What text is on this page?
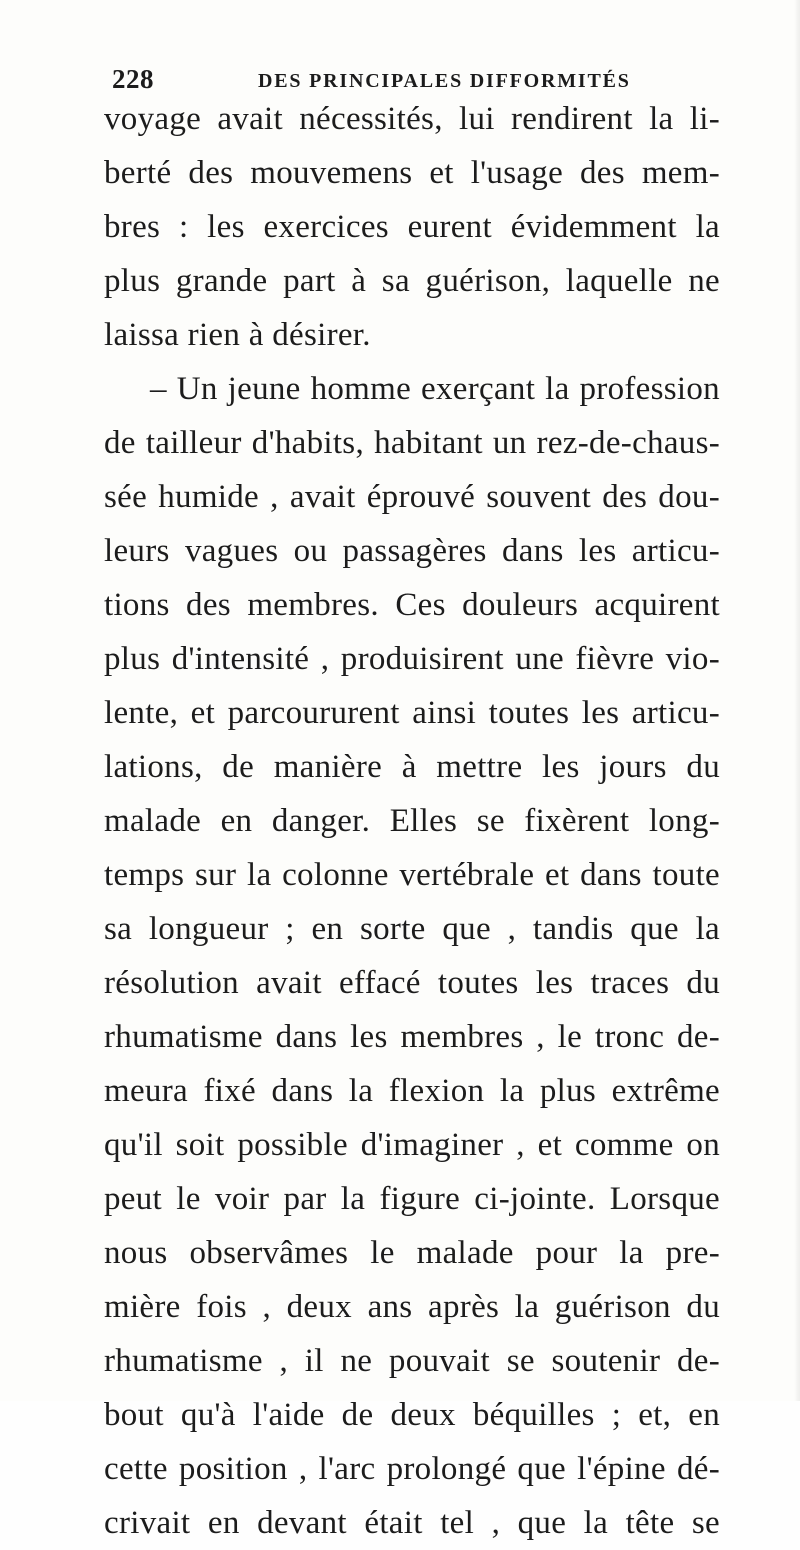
228	DES PRINCIPALES DIFFORMITÉS
voyage avait nécessités, lui rendirent la li-
berté des mouvemens et l'usage des mem-
bres : les exercices eurent évidemment la
plus grande part à sa guérison, laquelle ne
laissa rien à désirer.
– Un jeune homme exerçant la profession
de tailleur d'habits, habitant un rez-de-chaus-
sée humide , avait éprouvé souvent des dou-
leurs vagues ou passagères dans les articu-
tions des membres. Ces douleurs acquirent
plus d'intensité , produisirent une fièvre vio-
lente, et parcoururent ainsi toutes les articu-
lations, de manière à mettre les jours du
malade en danger. Elles se fixèrent long-
temps sur la colonne vertébrale et dans toute
sa longueur ; en sorte que , tandis que la
résolution avait effacé toutes les traces du
rhumatisme dans les membres , le tronc de-
meura fixé dans la flexion la plus extrême
qu'il soit possible d'imaginer , et comme on
peut le voir par la figure ci-jointe. Lorsque
nous observâmes le malade pour la pre-
mière fois , deux ans après la guérison du
rhumatisme , il ne pouvait se soutenir de-
bout qu'à l'aide de deux béquilles ; et, en
cette position , l'arc prolongé que l'épine dé-
crivait en devant était tel , que la tête se
